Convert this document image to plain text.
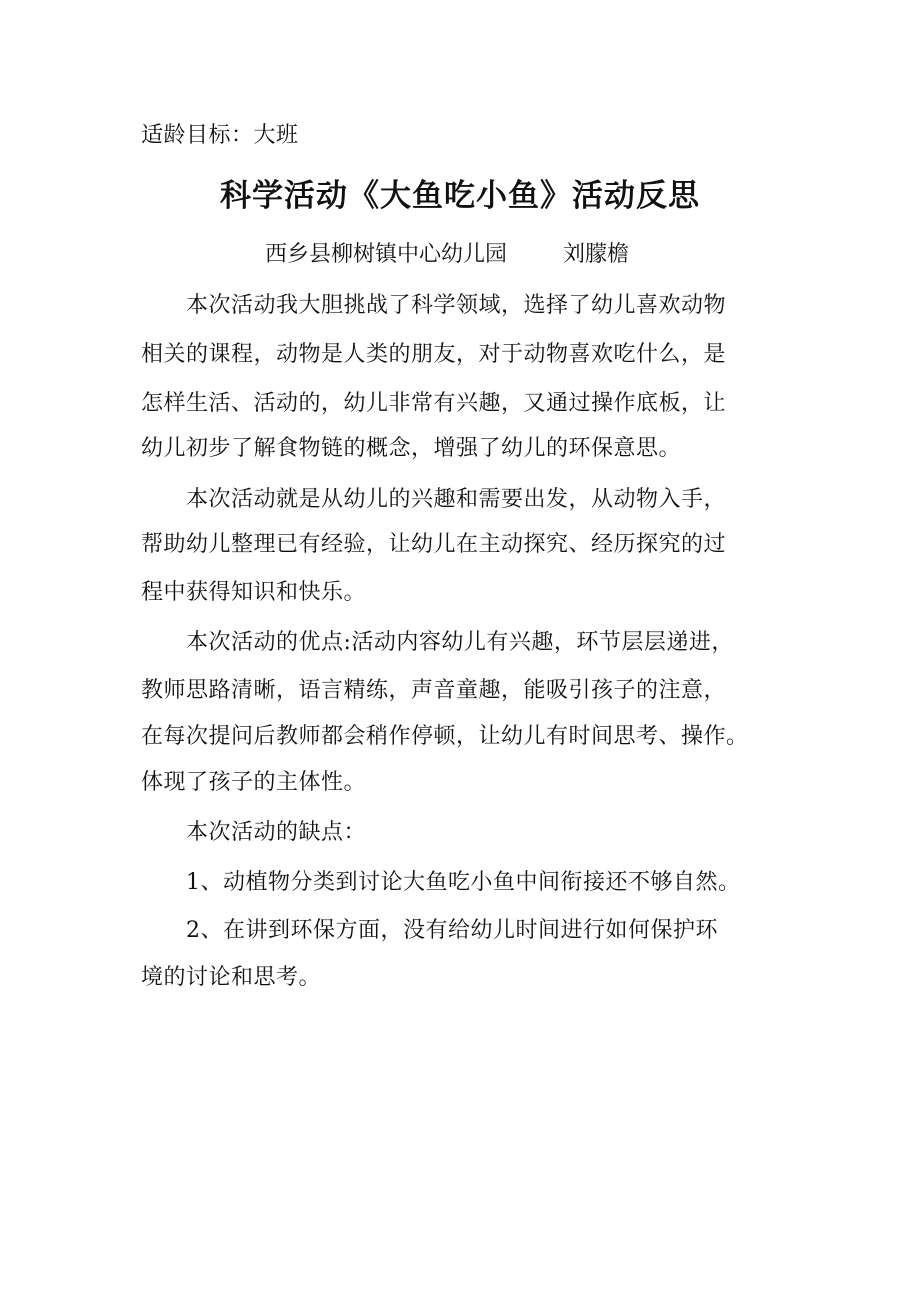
适龄目标：大班
科学活动《大鱼吃小鱼》活动反思
西乡县柳树镇中心幼儿园	刘朦檐
本次活动我大胆挑战了科学领域，选择了幼儿喜欢动物
相关的课程，动物是人类的朋友，对于动物喜欢吃什么，是
怎样生活、活动的，幼儿非常有兴趣，又通过操作底板，让
幼儿初步了解食物链的概念，增强了幼儿的环保意思。
本次活动就是从幼儿的兴趣和需要出发，从动物入手，
帮助幼儿整理已有经验，让幼儿在主动探究、经历探究的过
程中获得知识和快乐。
本次活动的优点:活动内容幼儿有兴趣，环节层层递进，
教师思路清晰，语言精练，声音童趣，能吸引孩子的注意，
在每次提问后教师都会稍作停顿，让幼儿有时间思考、操作。
体现了孩子的主体性。
本次活动的缺点：
1、动植物分类到讨论大鱼吃小鱼中间衔接还不够自然。
2、在讲到环保方面，没有给幼儿时间进行如何保护环
境的讨论和思考。
